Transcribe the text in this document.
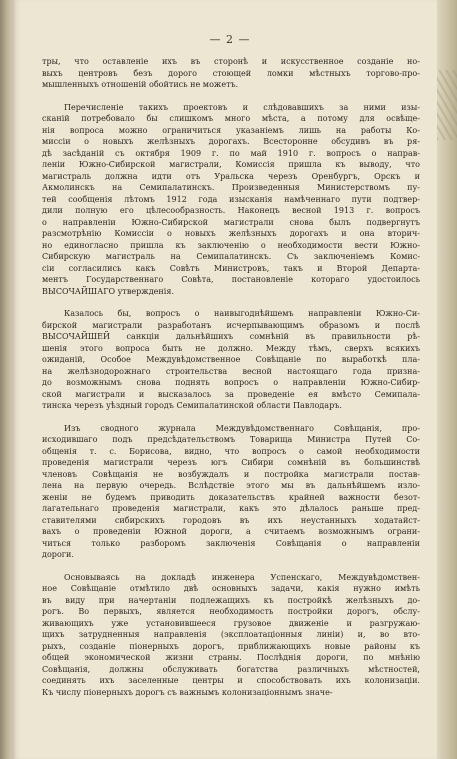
— 2 —

тры, что оставленіе ихъ въ сторонѣ и искусственное созданіе но-
выхъ центровъ безъ дорого стоющей ломки мѣстныхъ торгово-про-
мышленныхъ отношеній обойтись не можетъ.

Перечисленіе такихъ проектовъ и слѣдовавшихъ за ними изы-
сканій потребовало бы слишкомъ много мѣста, а потому для освѣще-
нія вопроса можно ограничиться указаніемъ лишь на работы Ко-
миссіи о новыхъ желѣзныхъ дорогахъ. Всесторонне обсудивъ въ ря-
дѣ засѣданій съ октября 1909 г. по май 1910 г. вопросъ о направ-
леніи Южно-Сибирской магистрали, Комиссія пришла къ выводу, что
магистраль должна идти отъ Уральска черезъ Оренбургъ, Орскъ и
Акмолинскъ на Семипалатинскъ. Произведенныя Министерствомъ пу-
тей сообщенія лѣтомъ 1912 года изысканія намѣченнаго пути подтвер-
дили полную его цѣлесообразность. Наконецъ весной 1913 г. вопросъ
о направленіи Южно-Сибирской магистрали снова былъ подвергнутъ
разсмотрѣнію Комиссіи о новыхъ желѣзныхъ дорогахъ и она вторич-
но единогласно пришла къ заключенію о необходимости вести Южно-
Сибирскую магистраль на Семипалатинскъ. Съ заключеніемъ Комис-
сіи согласились какъ Совѣтъ Министровъ, такъ и Второй Департа-
ментъ Государственнаго Совѣта, постановленіе котораго удостоилось
ВЫСОЧАЙШАГО утвержденія.

Казалось бы, вопросъ о наивыгоднѣйшемъ направленіи Южно-Си-
бирской магистрали разработанъ исчерпывающимъ образомъ и послѣ
ВЫСОЧАЙШЕЙ санкціи дальнѣйшихъ сомнѣній въ правильности рѣ-
шенія этого вопроса быть не должно. Между тѣмъ, сверхъ всякихъ
ожиданій, Особое Междувѣдомственное Совѣщаніе по выработкѣ пла-
на желѣзнодорожнаго строительства весной настоящаго года призна-
до возможнымъ снова поднять вопросъ о направленіи Южно-Сибир-
ской магистрали и высказалось за проведеніе ея вмѣсто Семипала-
тинска черезъ уѣздный городъ Семипалатинской области Павлодаръ.

Изъ сводного журнала Междувѣдомственнаго Совѣщанія, про-
исходившаго подъ предсѣдательствомъ Товарища Министра Путей Со-
общенія т. с. Борисова, видно, что вопросъ о самой необходимости
проведенія магистрали черезъ югъ Сибири сомнѣній въ большинствѣ
членовъ Совѣщанія не возбуждалъ и постройка магистрали постав-
лена на первую очередь. Вслѣдствіе этого мы въ дальнѣйшемъ изло-
женіи не будемъ приводить доказательствъ крайней важности безот-
лагательнаго проведенія магистрали, какъ это дѣлалось раньше пред-
ставителями сибирскихъ городовъ въ ихъ неустанныхъ ходатайст-
вахъ о проведеніи Южной дороги, а считаемъ возможнымъ ограни-
читься только разборомъ заключенія Совѣщанія о направленіи
дороги.

Основываясь на докладѣ инженера Успенскаго, Междувѣдомствен-
ное Совѣщаніе отмѣтило двѣ основныхъ задачи, какія нужно имѣть
въ виду при начертаніи подлежащихъ къ постройкѣ желѣзныхъ до-
рогъ. Во первыхъ, является необходимость постройки дорогъ, обслу-
живающихъ уже установившееся грузовое движеніе и разгружаю-
щихъ затрудненныя направленія (эксплоатаціонныя линіи) и, во вто-
рыхъ, созданіе піонерныхъ дорогъ, приближающихъ новые районы къ
общей экономической жизни страны. Послѣднія дороги, по мнѣнію
Совѣщанія, должны обслуживать богатства различныхъ мѣстностей,
соединять ихъ заселенные центры и способствовать ихъ колонизаціи.
Къ числу піонерныхъ дорогъ съ важнымъ колонизаціоннымъ значе-
